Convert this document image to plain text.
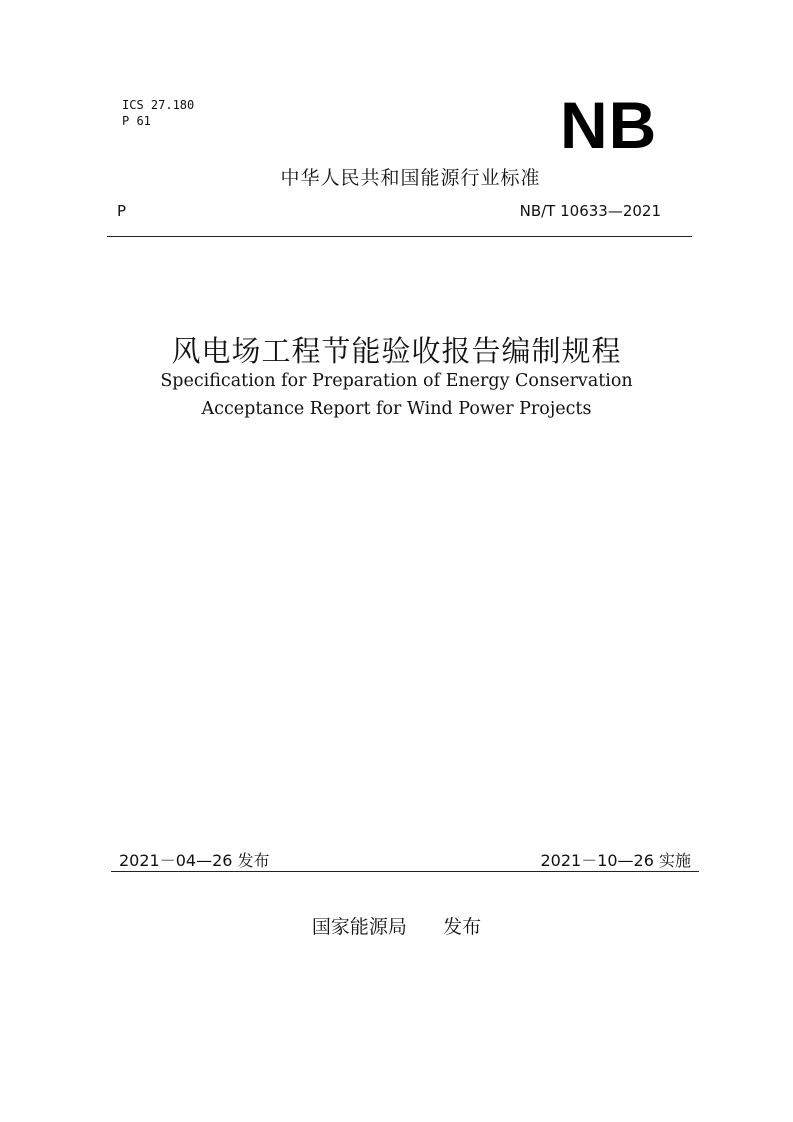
ICS 27.180
P 61	NB
中华人民共和国能源行业标准
P	NB/T 10633—2021
风电场工程节能验收报告编制规程
Specification for Preparation of Energy Conservation
Acceptance Report for Wind Power Projects
2021－04—26 发布	2021－10—26 实施
国家能源局 发布
